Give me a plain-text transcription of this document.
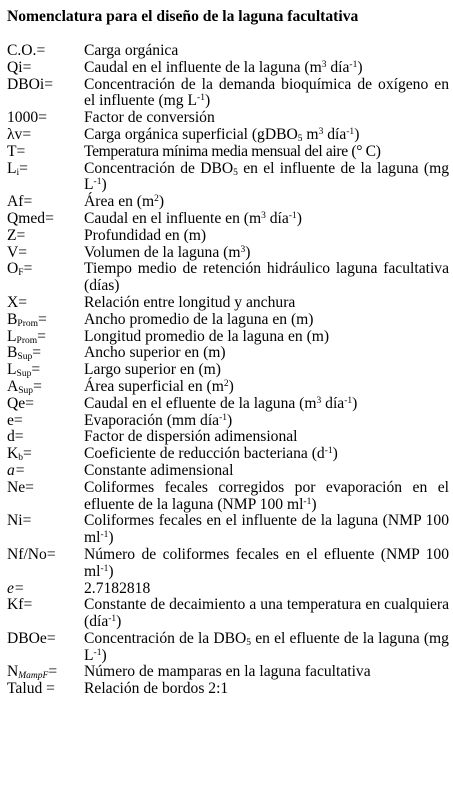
Nomenclatura para el diseño de la laguna facultativa
C.O.=	Carga orgánica
Qi=	Caudal en el influente de la laguna ($m^3$ día$^{-1}$)
DBOi=	Concentración de la demanda bioquímica de oxígeno en el influente (mg $L^{-1}$)
1000=	Factor de conversión
λv=	Carga orgánica superficial (gDBO$_5$ $m^3$ día$^{-1}$)
T=	Temperatura mínima media mensual del aire (° C)
$L_i=$	Concentración de $DBO_5$ en el influente de la laguna (mg $L^{-1}$)
Af=	Área en $(m^2)$
Qmed=	Caudal en el influente en ($m^3$ día$^{-1}$)
Z=	Profundidad en (m)
V=	Volumen de la laguna $(m^3)$
$O_F=$	Tiempo medio de retención hidráulico laguna facultativa (días)
X=	Relación entre longitud y anchura
$B_{Prom}=$	Ancho promedio de la laguna en (m)
$L_{Prom}=$	Longitud promedio de la laguna en (m)
$B_{Sup}=$	Ancho superior en (m)
$L_{Sup}=$	Largo superior en (m)
$A_{Sup}=$	Área superficial en $(m^2)$
Qe=	Caudal en el efluente de la laguna ($m^3$ día$^{-1}$)
e=	Evaporación (mm día$^{-1}$)
d=	Factor de dispersión adimensional
$K_b=$	Coeficiente de reducción bacteriana $(d^{-1})$
a=	Constante adimensional
Ne=	Coliformes fecales corregidos por evaporación en el efluente de la laguna (NMP 100 $ml^{-1}$)
Ni=	Coliformes fecales en el influente de la laguna (NMP 100 $ml^{-1}$)
Nf/No=	Número de coliformes fecales en el efluente (NMP 100 $ml^{-1}$)
e=	2.7182818
Kf=	Constante de decaimiento a una temperatura en cualquiera (día$^{-1}$)
DBOe=	Concentración de la $DBO_5$ en el efluente de la laguna (mg $L^{-1}$)
$N_{MampF}=$	Número de mamparas en la laguna facultativa
Talud =	Relación de bordos 2:1
